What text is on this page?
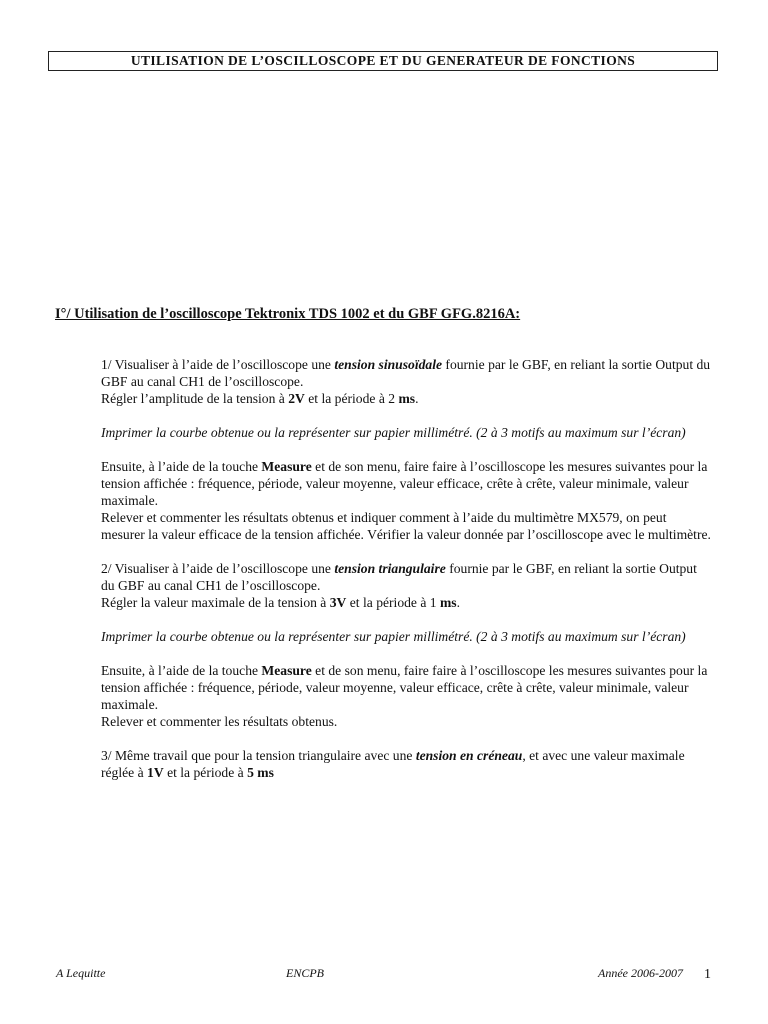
UTILISATION DE L’OSCILLOSCOPE ET DU GENERATEUR DE FONCTIONS
I°/ Utilisation de l’oscilloscope Tektronix TDS 1002 et du GBF GFG.8216A:

1/ Visualiser à l’aide de l’oscilloscope une tension sinusoïdale fournie par le GBF, en reliant la sortie Output du GBF au canal CH1 de l’oscilloscope.
Régler l’amplitude de la tension à 2V et la période à 2 ms.

Imprimer la courbe obtenue ou la représenter sur papier millimétré. (2 à 3 motifs au maximum sur l’écran)

Ensuite, à l’aide de la touche Measure et de son menu, faire faire à l’oscilloscope les mesures suivantes pour la tension affichée : fréquence, période, valeur moyenne, valeur efficace, crête à crête, valeur minimale, valeur maximale.
Relever et commenter les résultats obtenus et indiquer comment à l’aide du multimètre MX579, on peut mesurer la valeur efficace de la tension affichée. Vérifier la valeur donnée par l’oscilloscope avec le multimètre.

2/ Visualiser à l’aide de l’oscilloscope une tension triangulaire fournie par le GBF, en reliant la sortie Output du GBF au canal CH1 de l’oscilloscope.
Régler la valeur maximale de la tension à 3V et la période à 1 ms.

Imprimer la courbe obtenue ou la représenter sur papier millimétré. (2 à 3 motifs au maximum sur l’écran)

Ensuite, à l’aide de la touche Measure et de son menu, faire faire à l’oscilloscope les mesures suivantes pour la tension affichée : fréquence, période, valeur moyenne, valeur efficace, crête à crête, valeur minimale, valeur maximale.
Relever et commenter les résultats obtenus.

3/ Même travail que pour la tension triangulaire avec une tension en créneau, et avec une valeur maximale réglée à 1V et la période à 5 ms

A Lequitte	ENCPB	Année 2006-2007 1
